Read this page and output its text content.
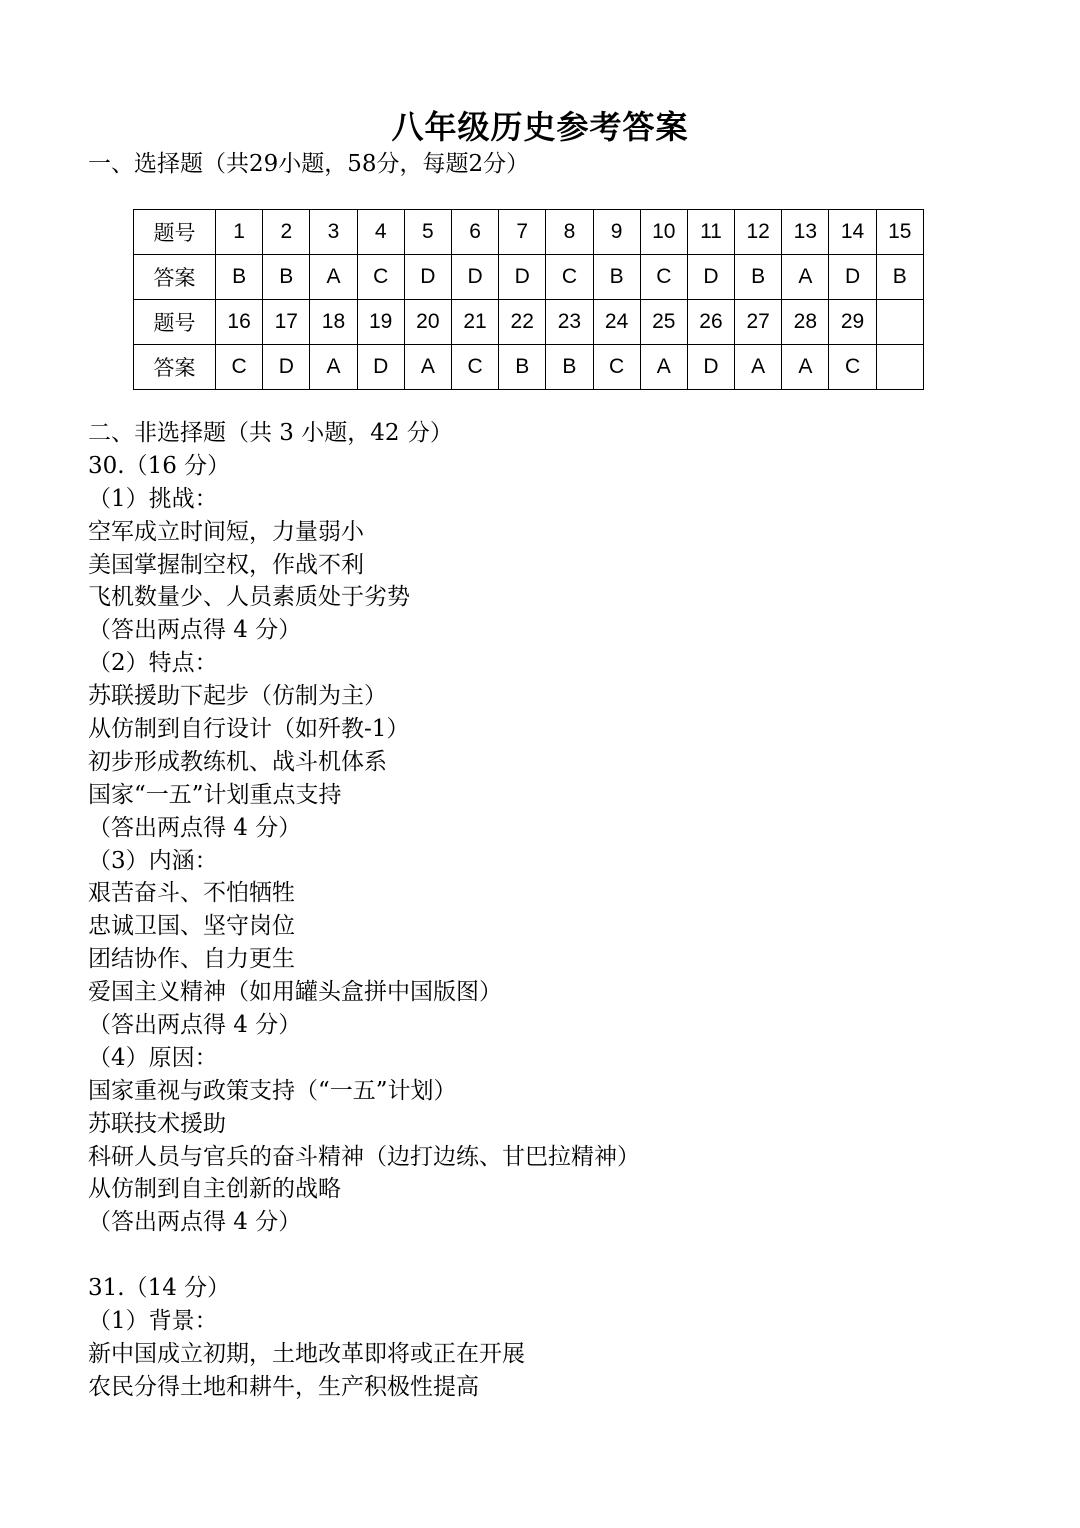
八年级历史参考答案
一、选择题（共29小题，58分，每题2分）
题号	1	2	3	4	5	6	7	8	9	10	11	12	13	14	15
答案	B	B	A	C	D	D	D	C	B	C	D	B	A	D	B
题号	16	17	18	19	20	21	22	23	24	25	26	27	28	29	
答案	C	D	A	D	A	C	B	B	C	A	D	A	A	C	
二、非选择题（共 3 小题，42 分）
30.（16 分）
（1）挑战：
空军成立时间短，力量弱小
美国掌握制空权，作战不利
飞机数量少、人员素质处于劣势
（答出两点得 4 分）
（2）特点：
苏联援助下起步（仿制为主）
从仿制到自行设计（如歼教-1）
初步形成教练机、战斗机体系
国家“一五”计划重点支持
（答出两点得 4 分）
（3）内涵：
艰苦奋斗、不怕牺牲
忠诚卫国、坚守岗位
团结协作、自力更生
爱国主义精神（如用罐头盒拼中国版图）
（答出两点得 4 分）
（4）原因：
国家重视与政策支持（“一五”计划）
苏联技术援助
科研人员与官兵的奋斗精神（边打边练、甘巴拉精神）
从仿制到自主创新的战略
（答出两点得 4 分）
31.（14 分）
（1）背景：
新中国成立初期，土地改革即将或正在开展
农民分得土地和耕牛，生产积极性提高
